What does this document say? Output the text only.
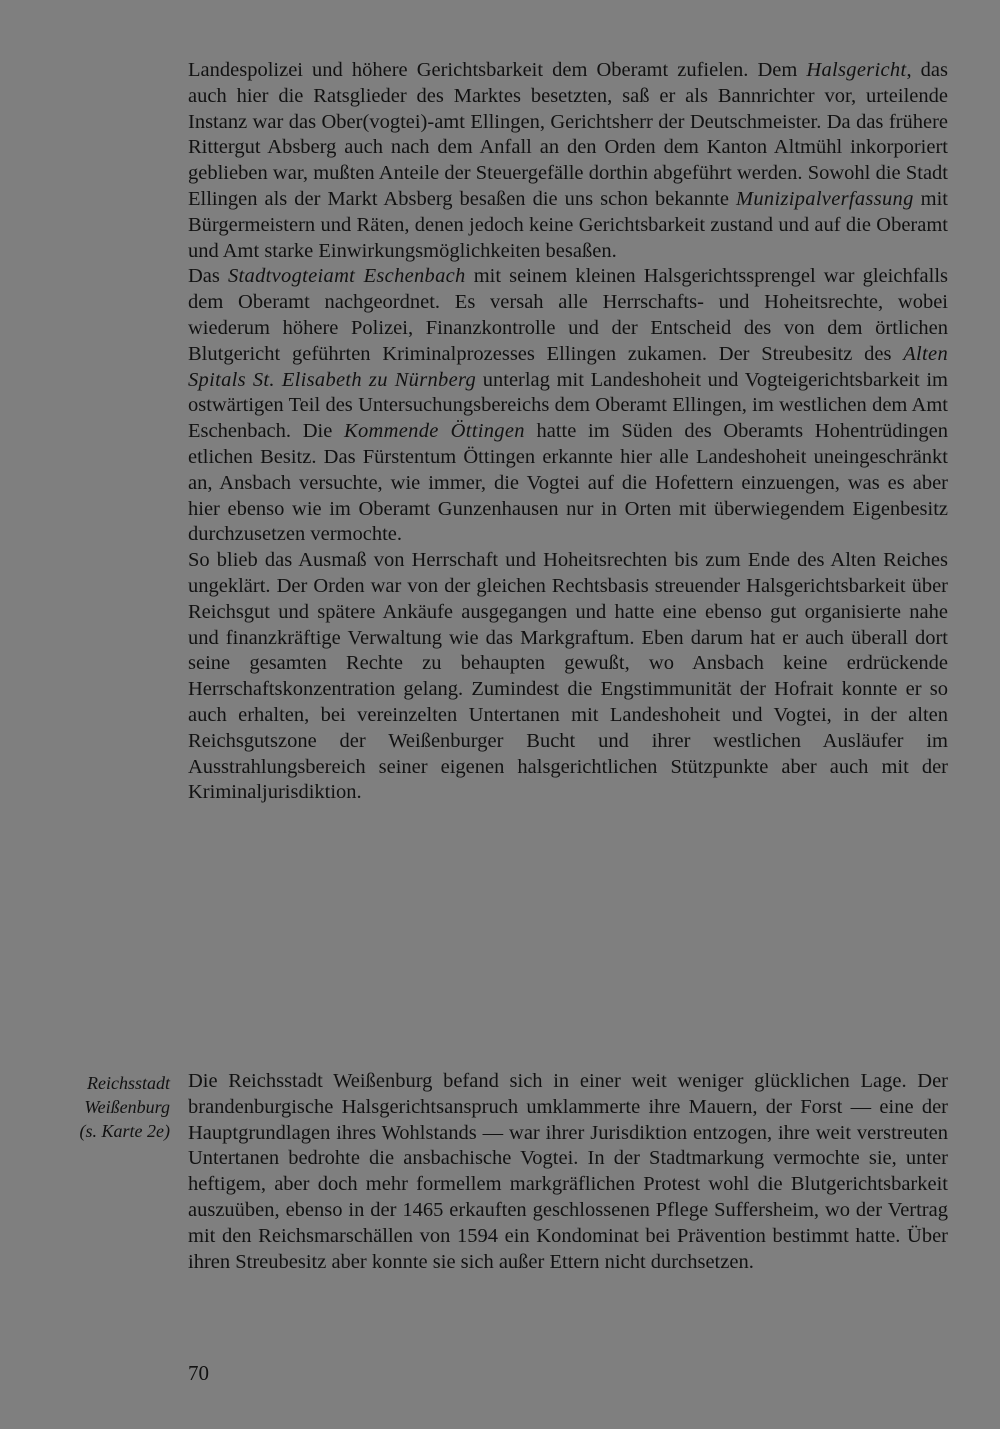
Landespolizei und höhere Gerichtsbarkeit dem Oberamt zufielen. Dem Halsgericht, das auch hier die Ratsglieder des Marktes besetzten, saß er als Bannrichter vor, urteilende Instanz war das Ober(vogtei)-amt Ellingen, Gerichtsherr der Deutschmeister. Da das frühere Rittergut Absberg auch nach dem Anfall an den Orden dem Kanton Altmühl inkorporiert geblieben war, mußten Anteile der Steuergefälle dorthin abgeführt werden. Sowohl die Stadt Ellingen als der Markt Absberg besaßen die uns schon bekannte Munizipalverfassung mit Bürgermeistern und Räten, denen jedoch keine Gerichtsbarkeit zustand und auf die Oberamt und Amt starke Einwirkungsmöglichkeiten besaßen.

Das Stadtvogteiamt Eschenbach mit seinem kleinen Halsgerichtssprengel war gleichfalls dem Oberamt nachgeordnet. Es versah alle Herrschafts- und Hoheitsrechte, wobei wiederum höhere Polizei, Finanzkontrolle und der Entscheid des von dem örtlichen Blutgericht geführten Kriminalprozesses Ellingen zukamen. Der Streubesitz des Alten Spitals St. Elisabeth zu Nürnberg unterlag mit Landeshoheit und Vogteigerichtsbarkeit im ostwärtigen Teil des Untersuchungsbereichs dem Oberamt Ellingen, im westlichen dem Amt Eschenbach. Die Kommende Öttingen hatte im Süden des Oberamts Hohentrüdingen etlichen Besitz. Das Fürstentum Öttingen erkannte hier alle Landeshoheit uneingeschränkt an, Ansbach versuchte, wie immer, die Vogtei auf die Hofettern einzuengen, was es aber hier ebenso wie im Oberamt Gunzenhausen nur in Orten mit überwiegendem Eigenbesitz durchzusetzen vermochte.

So blieb das Ausmaß von Herrschaft und Hoheitsrechten bis zum Ende des Alten Reiches ungeklärt. Der Orden war von der gleichen Rechtsbasis streuender Halsgerichtsbarkeit über Reichsgut und spätere Ankäufe ausgegangen und hatte eine ebenso gut organisierte nahe und finanzkräftige Verwaltung wie das Markgraftum. Eben darum hat er auch überall dort seine gesamten Rechte zu behaupten gewußt, wo Ansbach keine erdrückende Herrschaftskonzentration gelang. Zumindest die Engstimmunität der Hofrait konnte er so auch erhalten, bei vereinzelten Untertanen mit Landeshoheit und Vogtei, in der alten Reichsgutszone der Weißenburger Bucht und ihrer westlichen Ausläufer im Ausstrahlungsbereich seiner eigenen halsgerichtlichen Stützpunkte aber auch mit der Kriminaljurisdiktion.

Reichsstadt
Weißenburg
(s. Karte 2e)

Die Reichsstadt Weißenburg befand sich in einer weit weniger glücklichen Lage. Der brandenburgische Halsgerichtsanspruch umklammerte ihre Mauern, der Forst — eine der Hauptgrundlagen ihres Wohlstands — war ihrer Jurisdiktion entzogen, ihre weit verstreuten Untertanen bedrohte die ansbachische Vogtei. In der Stadtmarkung vermochte sie, unter heftigem, aber doch mehr formellem markgräflichen Protest wohl die Blutgerichtsbarkeit auszuüben, ebenso in der 1465 erkauften geschlossenen Pflege Suffersheim, wo der Vertrag mit den Reichsmarschällen von 1594 ein Kondominat bei Prävention bestimmt hatte. Über ihren Streubesitz aber konnte sie sich außer Ettern nicht durchsetzen.

70
